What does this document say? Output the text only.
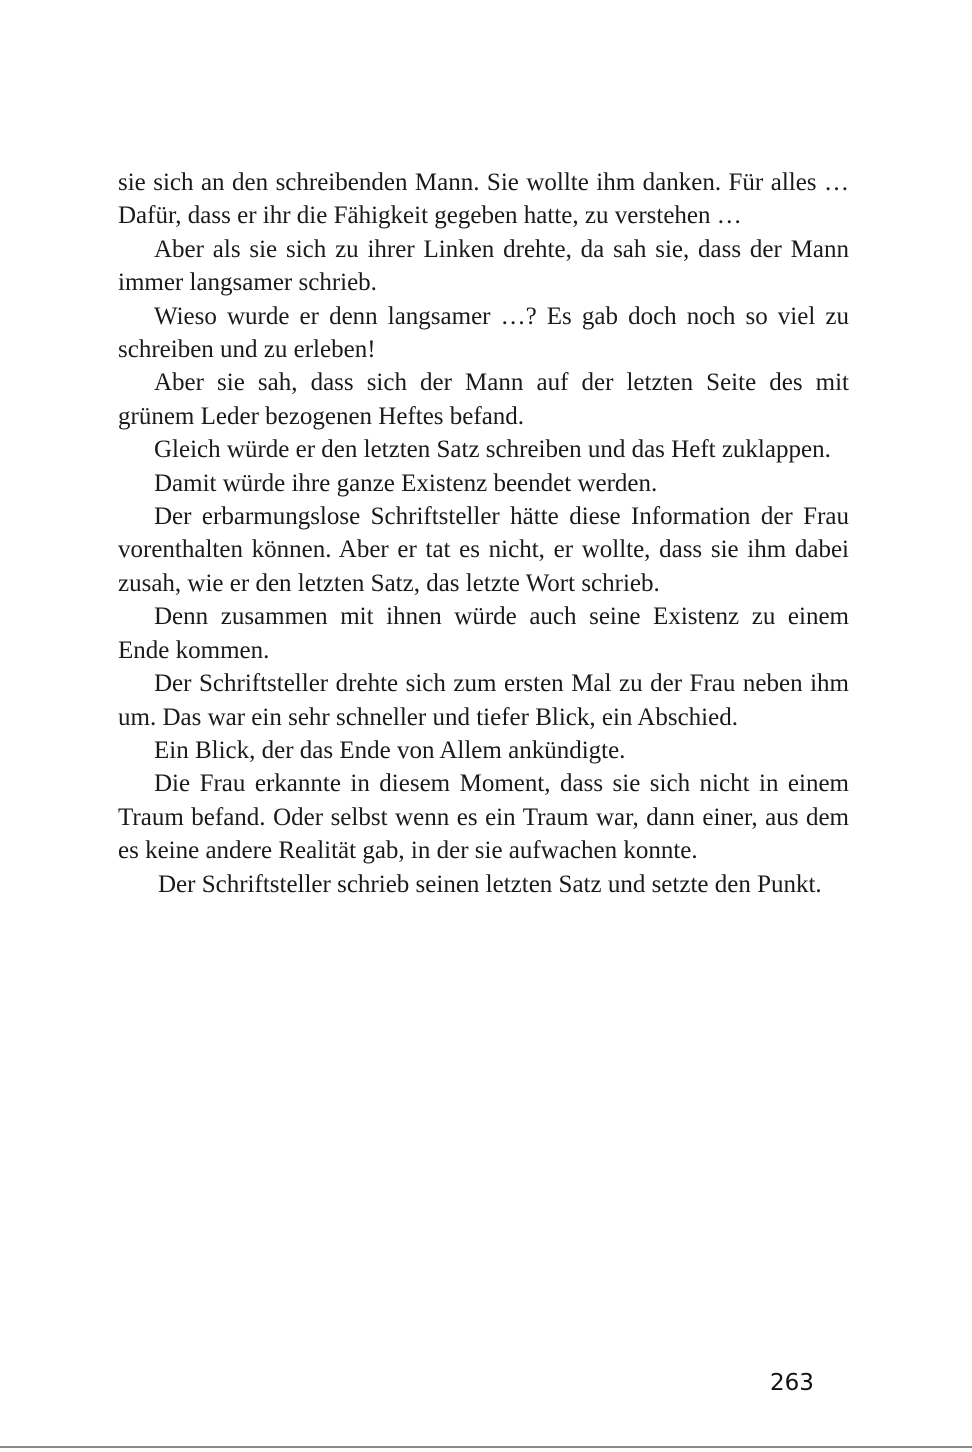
sie sich an den schreibenden Mann. Sie wollte ihm danken. Für alles … Dafür, dass er ihr die Fähigkeit gegeben hatte, zu verstehen …

Aber als sie sich zu ihrer Linken drehte, da sah sie, dass der Mann immer langsamer schrieb.

Wieso wurde er denn langsamer …? Es gab doch noch so viel zu schreiben und zu erleben!

Aber sie sah, dass sich der Mann auf der letzten Seite des mit grünem Leder bezogenen Heftes befand.

Gleich würde er den letzten Satz schreiben und das Heft zuklappen.

Damit würde ihre ganze Existenz beendet werden.

Der erbarmungslose Schriftsteller hätte diese Information der Frau vorenthalten können. Aber er tat es nicht, er wollte, dass sie ihm dabei zusah, wie er den letzten Satz, das letzte Wort schrieb.

Denn zusammen mit ihnen würde auch seine Existenz zu einem Ende kommen.

Der Schriftsteller drehte sich zum ersten Mal zu der Frau neben ihm um. Das war ein sehr schneller und tiefer Blick, ein Abschied.

Ein Blick, der das Ende von Allem ankündigte.

Die Frau erkannte in diesem Moment, dass sie sich nicht in einem Traum befand. Oder selbst wenn es ein Traum war, dann einer, aus dem es keine andere Realität gab, in der sie aufwachen konnte.

Der Schriftsteller schrieb seinen letzten Satz und setzte den Punkt.

263
